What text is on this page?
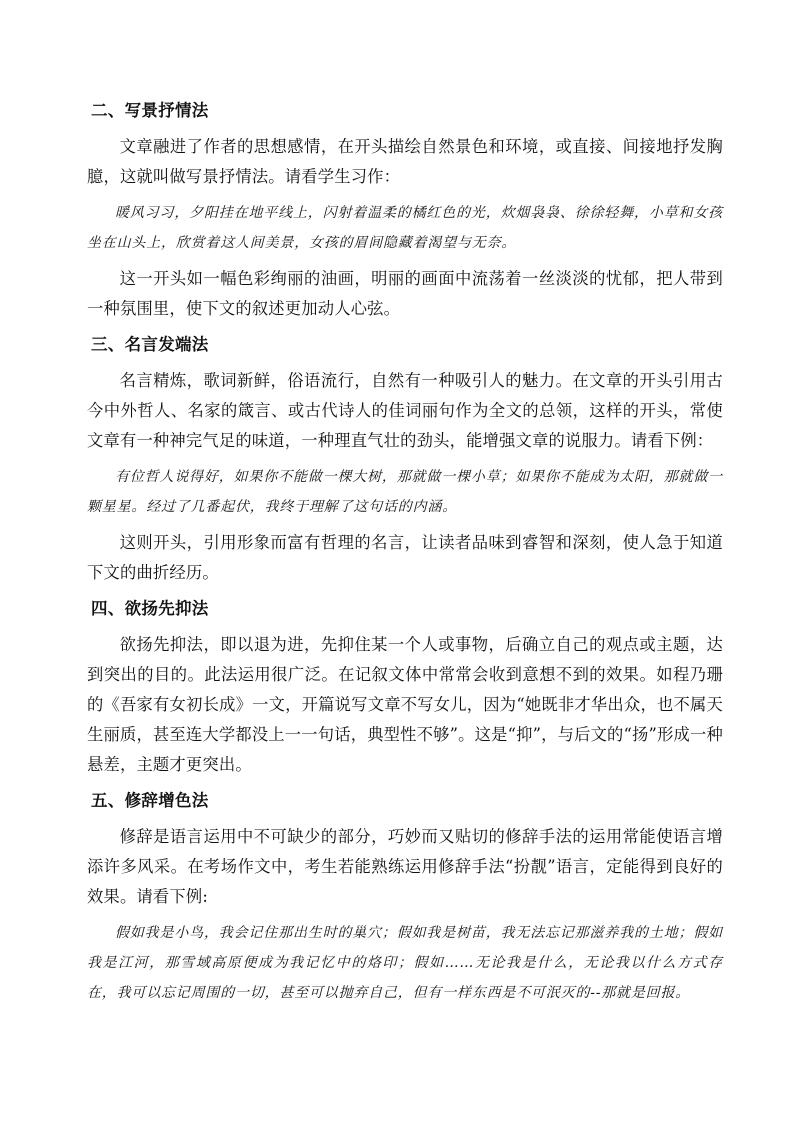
二、写景抒情法
文章融进了作者的思想感情，在开头描绘自然景色和环境，或直接、间接地抒发胸臆，这就叫做写景抒情法。请看学生习作：
暖风习习，夕阳挂在地平线上，闪射着温柔的橘红色的光，炊烟袅袅、徐徐轻舞，小草和女孩坐在山头上，欣赏着这人间美景，女孩的眉间隐藏着渴望与无奈。
这一开头如一幅色彩绚丽的油画，明丽的画面中流荡着一丝淡淡的忧郁，把人带到一种氛围里，使下文的叙述更加动人心弦。
三、名言发端法
名言精炼，歌词新鲜，俗语流行，自然有一种吸引人的魅力。在文章的开头引用古今中外哲人、名家的箴言、或古代诗人的佳词丽句作为全文的总领，这样的开头，常使文章有一种神完气足的味道，一种理直气壮的劲头，能增强文章的说服力。请看下例：
有位哲人说得好，如果你不能做一棵大树，那就做一棵小草；如果你不能成为太阳，那就做一颗星星。经过了几番起伏，我终于理解了这句话的内涵。
这则开头，引用形象而富有哲理的名言，让读者品味到睿智和深刻，使人急于知道下文的曲折经历。
四、欲扬先抑法
欲扬先抑法，即以退为进，先抑住某一个人或事物，后确立自己的观点或主题，达到突出的目的。此法运用很广泛。在记叙文体中常常会收到意想不到的效果。如程乃珊的《吾家有女初长成》一文，开篇说写文章不写女儿，因为“她既非才华出众，也不属天生丽质，甚至连大学都没上一一句话，典型性不够”。这是“抑”，与后文的“扬”形成一种悬差，主题才更突出。
五、修辞增色法
修辞是语言运用中不可缺少的部分，巧妙而又贴切的修辞手法的运用常能使语言增添许多风采。在考场作文中，考生若能熟练运用修辞手法“扮靓”语言，定能得到良好的效果。请看下例:
假如我是小鸟，我会记住那出生时的巢穴；假如我是树苗，我无法忘记那滋养我的土地；假如我是江河，那雪域高原便成为我记忆中的烙印；假如……无论我是什么，无论我以什么方式存在，我可以忘记周围的一切，甚至可以抛弃自己，但有一样东西是不可泯灭的--那就是回报。
